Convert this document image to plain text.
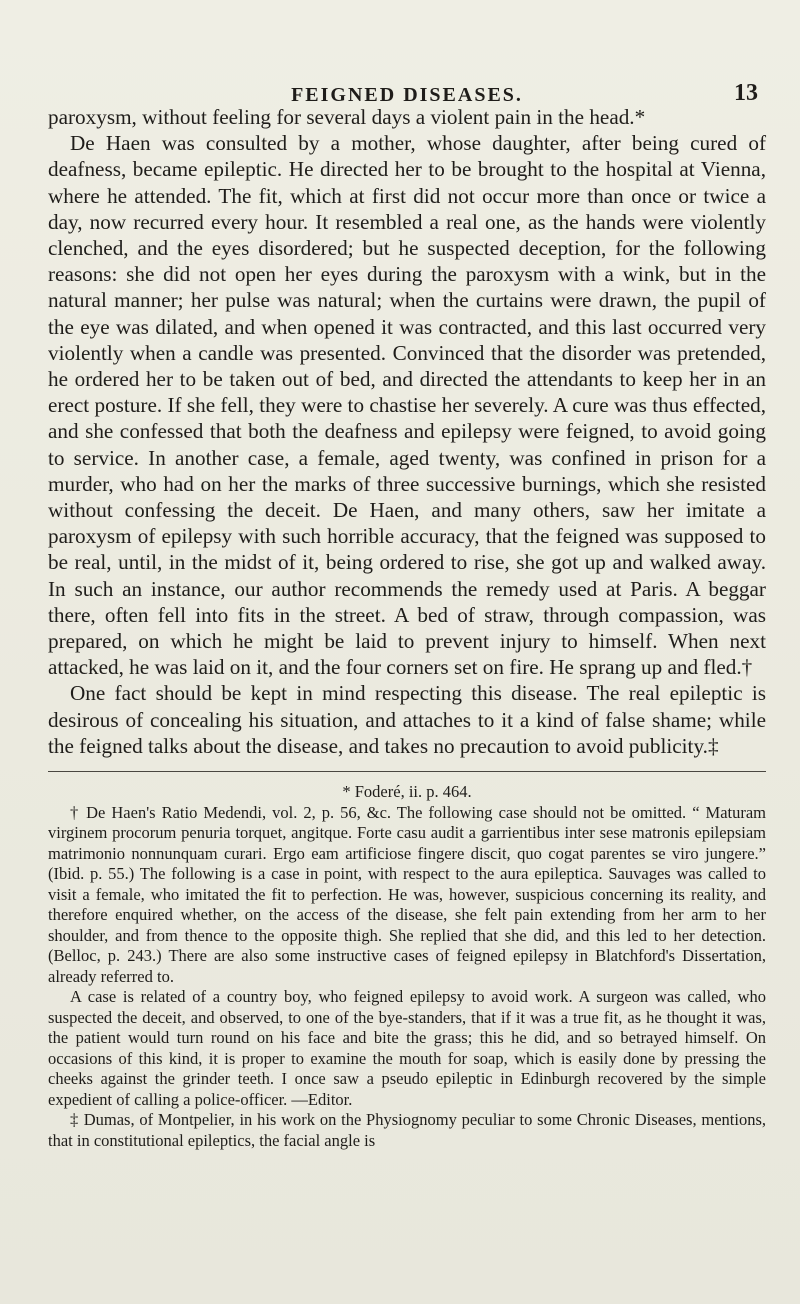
FEIGNED DISEASES.	13

paroxysm, without feeling for several days a violent pain in the head.*

De Haen was consulted by a mother, whose daughter, after being cured of deafness, became epileptic. He directed her to be brought to the hospital at Vienna, where he attended. The fit, which at first did not occur more than once or twice a day, now recurred every hour. It resembled a real one, as the hands were violently clenched, and the eyes disordered; but he suspected deception, for the following reasons: she did not open her eyes during the paroxysm with a wink, but in the natural manner; her pulse was natural; when the curtains were drawn, the pupil of the eye was dilated, and when opened it was contracted, and this last occurred very violently when a candle was presented. Convinced that the disorder was pretended, he ordered her to be taken out of bed, and directed the attendants to keep her in an erect posture. If she fell, they were to chastise her severely. A cure was thus effected, and she confessed that both the deafness and epilepsy were feigned, to avoid going to service. In another case, a female, aged twenty, was confined in prison for a murder, who had on her the marks of three successive burnings, which she resisted without confessing the deceit. De Haen, and many others, saw her imitate a paroxysm of epilepsy with such horrible accuracy, that the feigned was supposed to be real, until, in the midst of it, being ordered to rise, she got up and walked away. In such an instance, our author recommends the remedy used at Paris. A beggar there, often fell into fits in the street. A bed of straw, through compassion, was prepared, on which he might be laid to prevent injury to himself. When next attacked, he was laid on it, and the four corners set on fire. He sprang up and fled.†

One fact should be kept in mind respecting this disease. The real epileptic is desirous of concealing his situation, and attaches to it a kind of false shame; while the feigned talks about the disease, and takes no precaution to avoid publicity.‡

* Foderé, ii. p. 464.

† De Haen's Ratio Medendi, vol. 2, p. 56, &c. The following case should not be omitted. “ Maturam virginem procorum penuria torquet, angitque. Forte casu audit a garrientibus inter sese matronis epilepsiam matrimonio nonnunquam curari. Ergo eam artificiose fingere discit, quo cogat parentes se viro jungere.” (Ibid. p. 55.) The following is a case in point, with respect to the aura epileptica. Sauvages was called to visit a female, who imitated the fit to perfection. He was, however, suspicious concerning its reality, and therefore enquired whether, on the access of the disease, she felt pain extending from her arm to her shoulder, and from thence to the opposite thigh. She replied that she did, and this led to her detection. (Belloc, p. 243.) There are also some instructive cases of feigned epilepsy in Blatchford's Dissertation, already referred to.

A case is related of a country boy, who feigned epilepsy to avoid work. A surgeon was called, who suspected the deceit, and observed, to one of the bye-standers, that if it was a true fit, as he thought it was, the patient would turn round on his face and bite the grass; this he did, and so betrayed himself. On occasions of this kind, it is proper to examine the mouth for soap, which is easily done by pressing the cheeks against the grinder teeth. I once saw a pseudo epileptic in Edinburgh recovered by the simple expedient of calling a police-officer. —Editor.

‡ Dumas, of Montpelier, in his work on the Physiognomy peculiar to some Chronic Diseases, mentions, that in constitutional epileptics, the facial angle is
